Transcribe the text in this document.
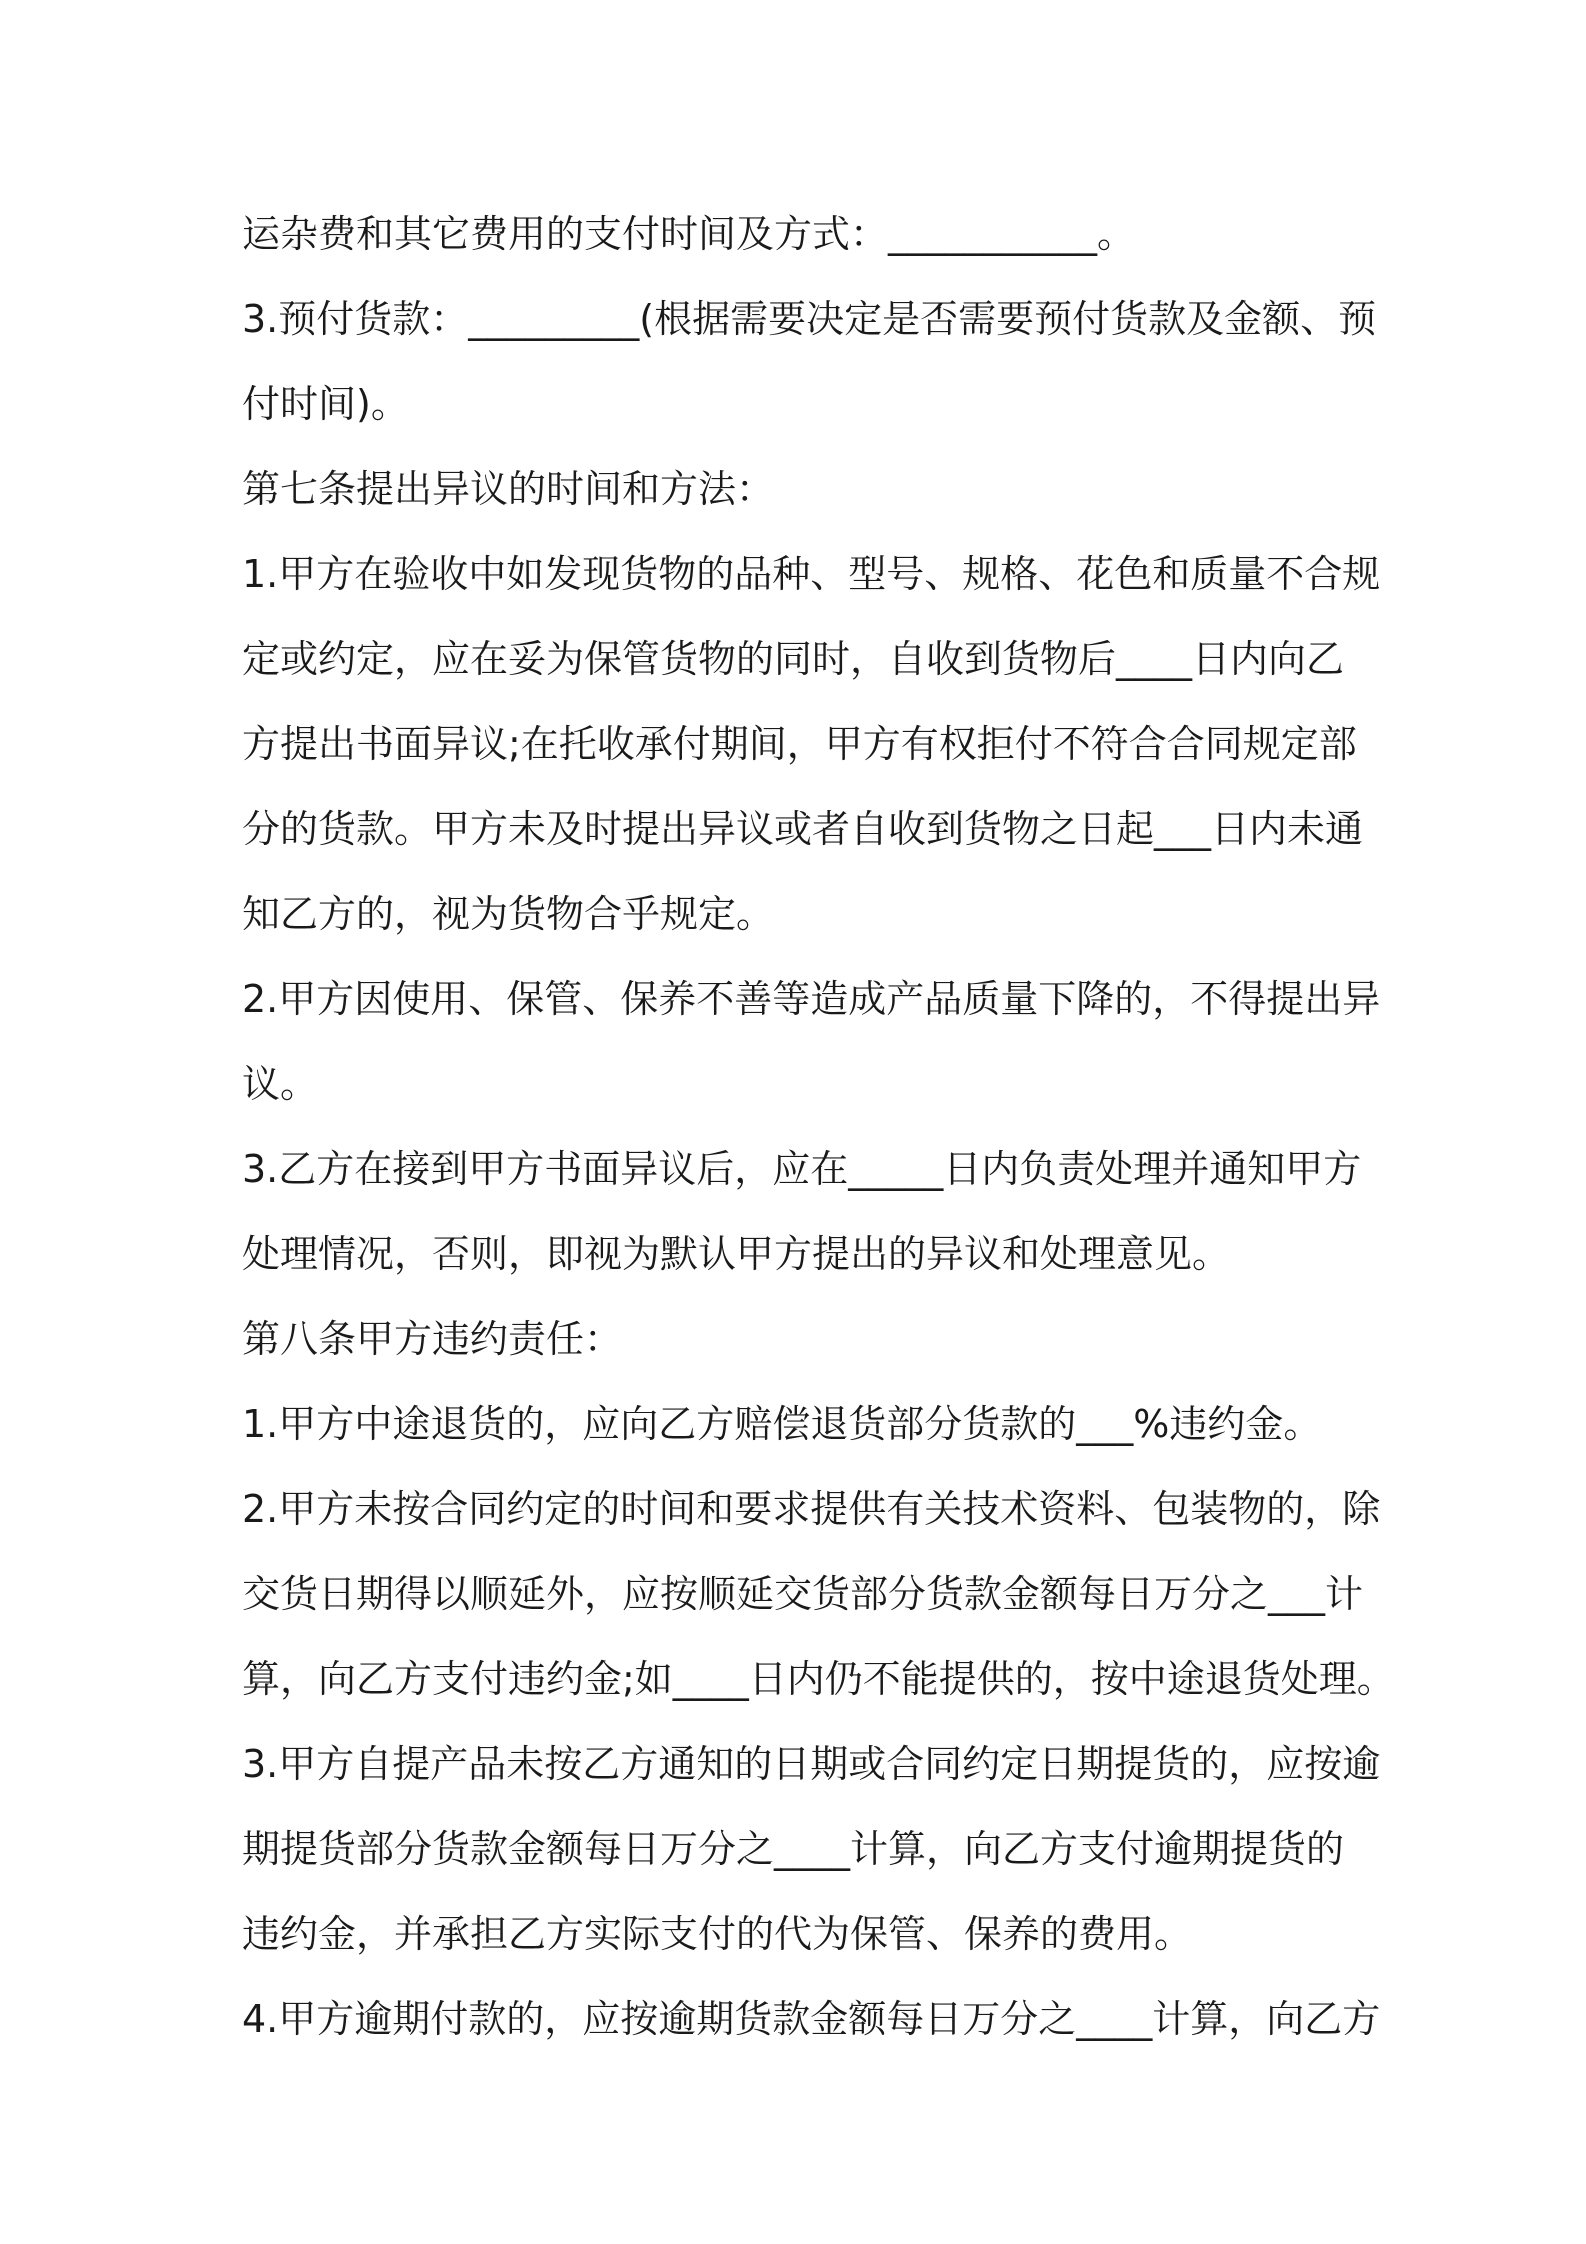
运杂费和其它费用的支付时间及方式：___________。
3.预付货款：_________(根据需要决定是否需要预付货款及金额、预
付时间)。
第七条提出异议的时间和方法：
1.甲方在验收中如发现货物的品种、型号、规格、花色和质量不合规
定或约定，应在妥为保管货物的同时，自收到货物后____日内向乙
方提出书面异议;在托收承付期间，甲方有权拒付不符合合同规定部
分的货款。甲方未及时提出异议或者自收到货物之日起___日内未通
知乙方的，视为货物合乎规定。
2.甲方因使用、保管、保养不善等造成产品质量下降的，不得提出异
议。
3.乙方在接到甲方书面异议后，应在_____日内负责处理并通知甲方
处理情况，否则，即视为默认甲方提出的异议和处理意见。
第八条甲方违约责任：
1.甲方中途退货的，应向乙方赔偿退货部分货款的___%违约金。
2.甲方未按合同约定的时间和要求提供有关技术资料、包装物的，除
交货日期得以顺延外，应按顺延交货部分货款金额每日万分之___计
算，向乙方支付违约金;如____日内仍不能提供的，按中途退货处理。
3.甲方自提产品未按乙方通知的日期或合同约定日期提货的，应按逾
期提货部分货款金额每日万分之____计算，向乙方支付逾期提货的
违约金，并承担乙方实际支付的代为保管、保养的费用。
4.甲方逾期付款的，应按逾期货款金额每日万分之____计算，向乙方
